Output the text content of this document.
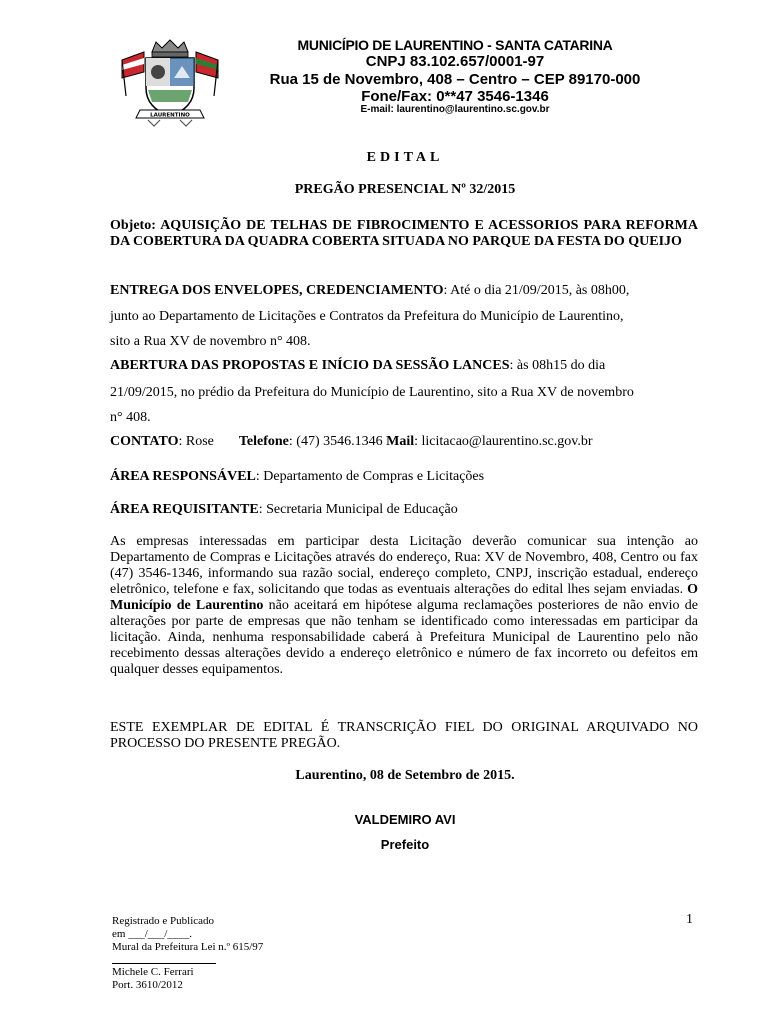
LAURENTINO
MUNICÍPIO DE LAURENTINO - SANTA CATARINA
CNPJ 83.102.657/0001-97
Rua 15 de Novembro, 408 – Centro – CEP 89170-000
Fone/Fax: 0**47 3546-1346
E-mail: laurentino@laurentino.sc.gov.br
EDITAL
PREGÃO PRESENCIAL Nº 32/2015
Objeto: AQUISIÇÃO DE TELHAS DE FIBROCIMENTO E ACESSORIOS PARA REFORMA DA COBERTURA DA QUADRA COBERTA SITUADA NO PARQUE DA FESTA DO QUEIJO
ENTREGA DOS ENVELOPES, CREDENCIAMENTO: Até o dia 21/09/2015, às 08h00,
junto ao Departamento de Licitações e Contratos da Prefeitura do Município de Laurentino,
sito a Rua XV de novembro n° 408.
ABERTURA DAS PROPOSTAS E INÍCIO DA SESSÃO LANCES: às 08h15 do dia
21/09/2015, no prédio da Prefeitura do Município de Laurentino, sito a Rua XV de novembro
n° 408.
CONTATO: Rose Telefone: (47) 3546.1346 Mail: licitacao@laurentino.sc.gov.br
ÁREA RESPONSÁVEL: Departamento de Compras e Licitações
ÁREA REQUISITANTE: Secretaria Municipal de Educação
As empresas interessadas em participar desta Licitação deverão comunicar sua intenção ao Departamento de Compras e Licitações através do endereço, Rua: XV de Novembro, 408, Centro ou fax (47) 3546-1346, informando sua razão social, endereço completo, CNPJ, inscrição estadual, endereço eletrônico, telefone e fax, solicitando que todas as eventuais alterações do edital lhes sejam enviadas. O Município de Laurentino não aceitará em hipótese alguma reclamações posteriores de não envio de alterações por parte de empresas que não tenham se identificado como interessadas em participar da licitação. Ainda, nenhuma responsabilidade caberá à Prefeitura Municipal de Laurentino pelo não recebimento dessas alterações devido a endereço eletrônico e número de fax incorreto ou defeitos em qualquer desses equipamentos.
ESTE EXEMPLAR DE EDITAL É TRANSCRIÇÃO FIEL DO ORIGINAL ARQUIVADO NO PROCESSO DO PRESENTE PREGÃO.
Laurentino, 08 de Setembro de 2015.
VALDEMIRO AVI
Prefeito
Registrado e Publicado
em ___/___/____.
Mural da Prefeitura Lei n.º 615/97
Michele C. Ferrari
Port. 3610/2012
1
